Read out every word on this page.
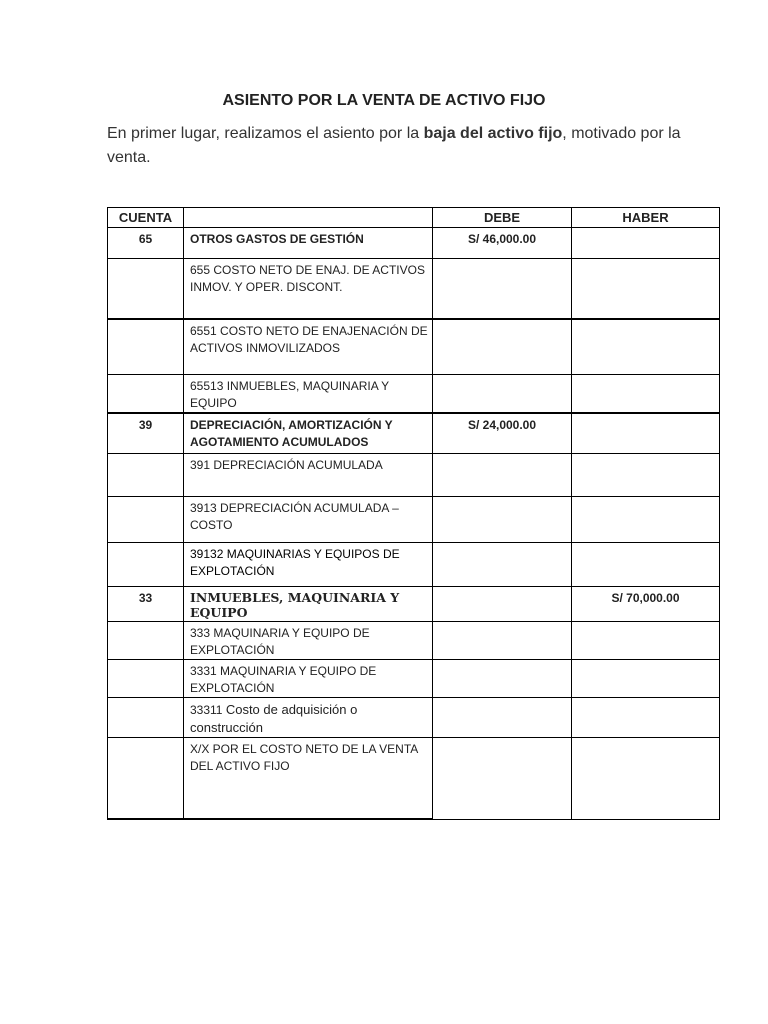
ASIENTO POR LA VENTA DE ACTIVO FIJO
En primer lugar, realizamos el asiento por la baja del activo fijo, motivado por la venta.
CUENTA		DEBE	HABER
65	OTROS GASTOS DE GESTIÓN	S/ 46,000.00	
	655 COSTO NETO DE ENAJ. DE ACTIVOS INMOV. Y OPER. DISCONT.		
	6551 COSTO NETO DE ENAJENACIÓN DE ACTIVOS INMOVILIZADOS		
	65513 INMUEBLES, MAQUINARIA Y EQUIPO		
39	DEPRECIACIÓN, AMORTIZACIÓN Y AGOTAMIENTO ACUMULADOS	S/ 24,000.00	
	391 DEPRECIACIÓN ACUMULADA		
	3913 DEPRECIACIÓN ACUMULADA – COSTO		
	39132 MAQUINARIAS Y EQUIPOS DE EXPLOTACIÓN		
33	INMUEBLES, MAQUINARIA Y EQUIPO		S/ 70,000.00
	333 MAQUINARIA Y EQUIPO DE EXPLOTACIÓN		
	3331 MAQUINARIA Y EQUIPO DE EXPLOTACIÓN		
	33311 Costo de adquisición o construcción		
	X/X POR EL COSTO NETO DE LA VENTA DEL ACTIVO FIJO		
